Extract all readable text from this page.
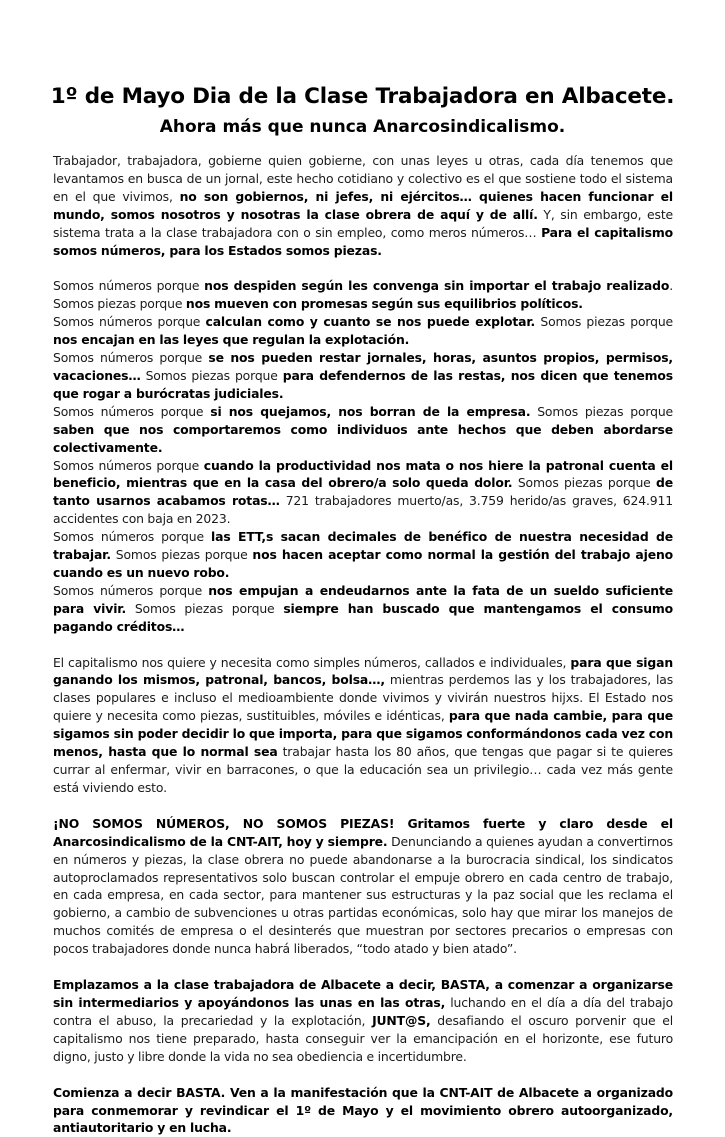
1º de Mayo Dia de la Clase Trabajadora en Albacete.
Ahora más que nunca Anarcosindicalismo.

Trabajador, trabajadora, gobierne quien gobierne, con unas leyes u otras, cada día tenemos que levantamos en busca de un jornal, este hecho cotidiano y colectivo es el que sostiene todo el sistema en el que vivimos, no son gobiernos, ni jefes, ni ejércitos… quienes hacen funcionar el mundo, somos nosotros y nosotras la clase obrera de aquí y de allí. Y, sin embargo, este sistema trata a la clase trabajadora con o sin empleo, como meros números… Para el capitalismo somos números, para los Estados somos piezas.

Somos números porque nos despiden según les convenga sin importar el trabajo realizado. Somos piezas porque nos mueven con promesas según sus equilibrios políticos.

Somos números porque calculan como y cuanto se nos puede explotar. Somos piezas porque nos encajan en las leyes que regulan la explotación.

Somos números porque se nos pueden restar jornales, horas, asuntos propios, permisos, vacaciones… Somos piezas porque para defendernos de las restas, nos dicen que tenemos que rogar a burócratas judiciales.

Somos números porque si nos quejamos, nos borran de la empresa. Somos piezas porque saben que nos comportaremos como individuos ante hechos que deben abordarse colectivamente.

Somos números porque cuando la productividad nos mata o nos hiere la patronal cuenta el beneficio, mientras que en la casa del obrero/a solo queda dolor. Somos piezas porque de tanto usarnos acabamos rotas… 721 trabajadores muerto/as, 3.759 herido/as graves, 624.911 accidentes con baja en 2023.

Somos números porque las ETT,s sacan decimales de benéfico de nuestra necesidad de trabajar. Somos piezas porque nos hacen aceptar como normal la gestión del trabajo ajeno cuando es un nuevo robo.

Somos números porque nos empujan a endeudarnos ante la fata de un sueldo suficiente para vivir. Somos piezas porque siempre han buscado que mantengamos el consumo pagando créditos…

El capitalismo nos quiere y necesita como simples números, callados e individuales, para que sigan ganando los mismos, patronal, bancos, bolsa…, mientras perdemos las y los trabajadores, las clases populares e incluso el medioambiente donde vivimos y vivirán nuestros hijxs. El Estado nos quiere y necesita como piezas, sustituibles, móviles e idénticas, para que nada cambie, para que sigamos sin poder decidir lo que importa, para que sigamos conformándonos cada vez con menos, hasta que lo normal sea trabajar hasta los 80 años, que tengas que pagar si te quieres currar al enfermar, vivir en barracones, o que la educación sea un privilegio… cada vez más gente está viviendo esto.

¡NO SOMOS NÚMEROS, NO SOMOS PIEZAS! Gritamos fuerte y claro desde el Anarcosindicalismo de la CNT-AIT, hoy y siempre. Denunciando a quienes ayudan a convertirnos en números y piezas, la clase obrera no puede abandonarse a la burocracia sindical, los sindicatos autoproclamados representativos solo buscan controlar el empuje obrero en cada centro de trabajo, en cada empresa, en cada sector, para mantener sus estructuras y la paz social que les reclama el gobierno, a cambio de subvenciones u otras partidas económicas, solo hay que mirar los manejos de muchos comités de empresa o el desinterés que muestran por sectores precarios o empresas con pocos trabajadores donde nunca habrá liberados, “todo atado y bien atado”.

Emplazamos a la clase trabajadora de Albacete a decir, BASTA, a comenzar a organizarse sin intermediarios y apoyándonos las unas en las otras, luchando en el día a día del trabajo contra el abuso, la precariedad y la explotación, JUNT@S, desafiando el oscuro porvenir que el capitalismo nos tiene preparado, hasta conseguir ver la emancipación en el horizonte, ese futuro digno, justo y libre donde la vida no sea obediencia e incertidumbre.

Comienza a decir BASTA. Ven a la manifestación que la CNT-AIT de Albacete a organizado para conmemorar y revindicar el 1º de Mayo y el movimiento obrero autoorganizado, antiautoritario y en lucha.
